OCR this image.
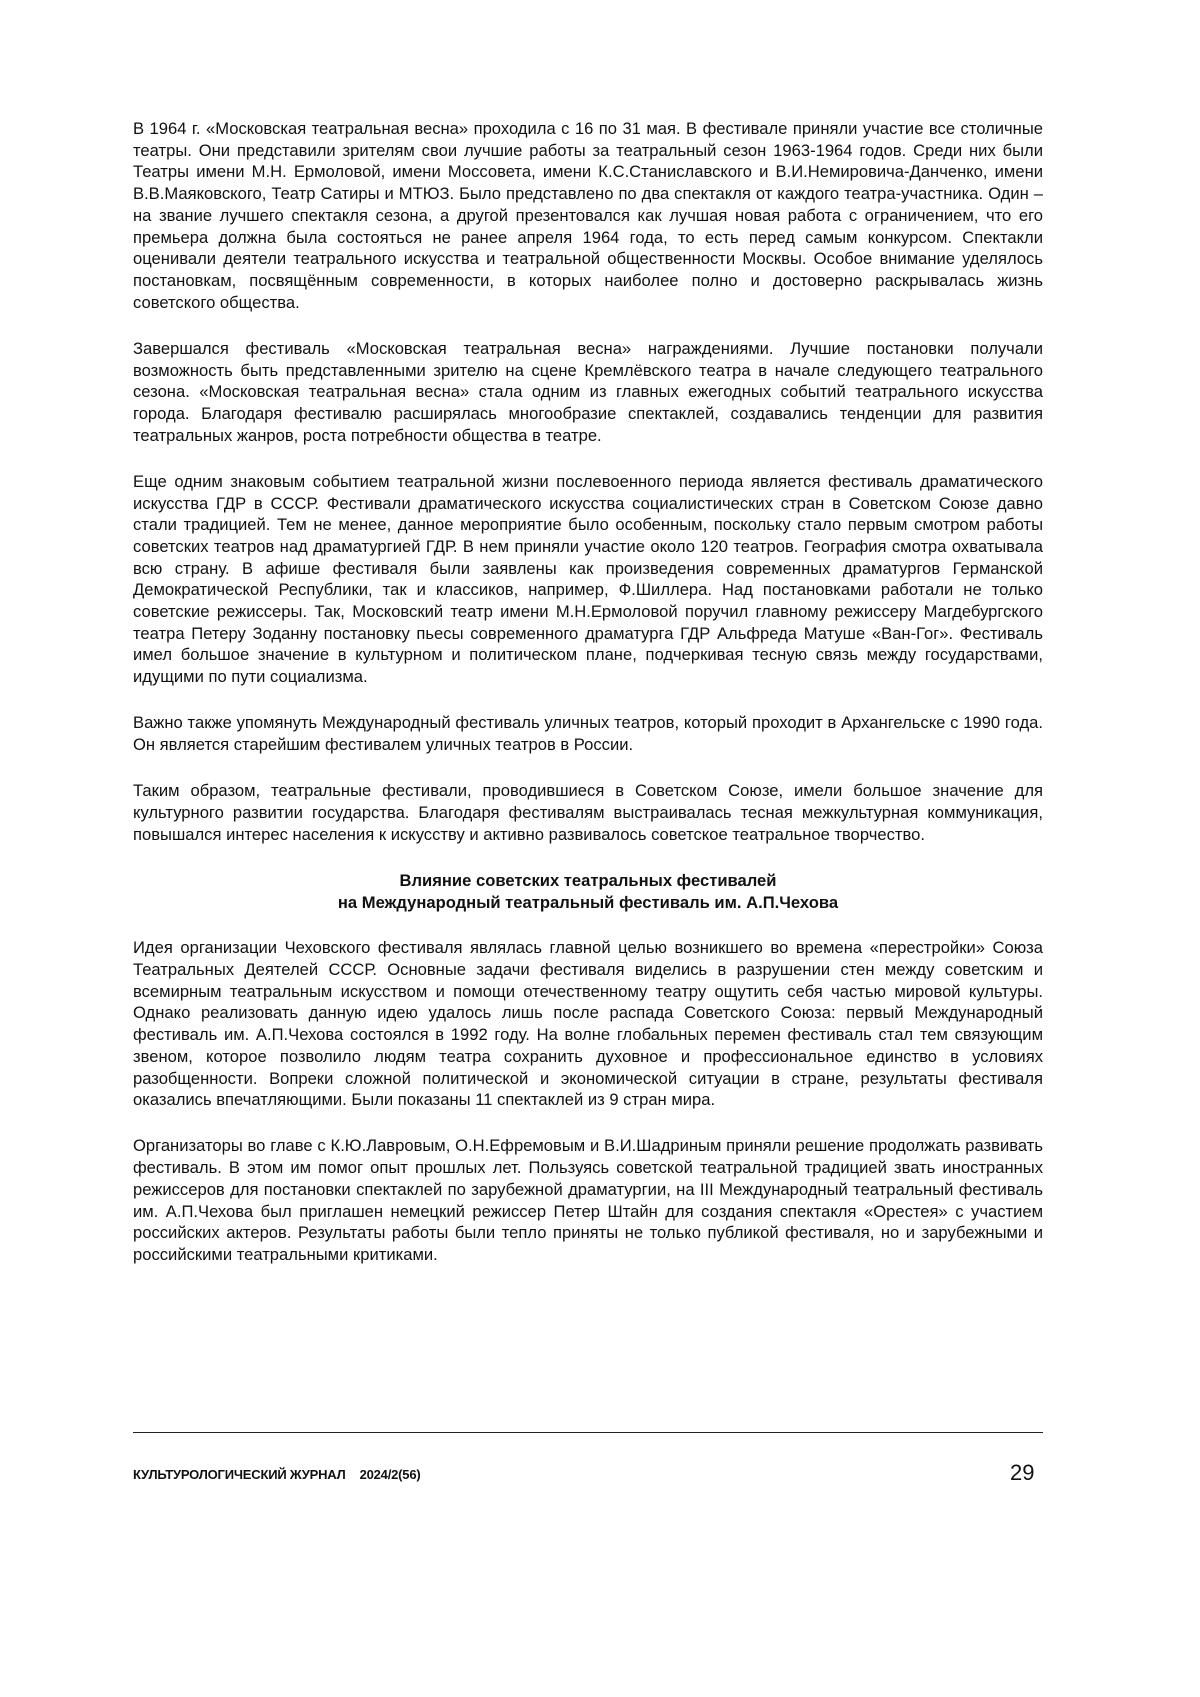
В 1964 г. «Московская театральная весна» проходила с 16 по 31 мая. В фестивале приняли участие все столичные театры. Они представили зрителям свои лучшие работы за театральный сезон 1963-1964 годов. Среди них были Театры имени М.Н. Ермоловой, имени Моссовета, имени К.С.Станиславского и В.И.Немировича-Данченко, имени В.В.Маяковского, Театр Сатиры и МТЮЗ. Было представлено по два спектакля от каждого театра-участника. Один – на звание лучшего спектакля сезона, а другой презентовался как лучшая новая работа с ограничением, что его премьера должна была состояться не ранее апреля 1964 года, то есть перед самым конкурсом. Спектакли оценивали деятели театрального искусства и театральной общественности Москвы. Особое внимание уделялось постановкам, посвящённым современности, в которых наиболее полно и достоверно раскрывалась жизнь советского общества.

Завершался фестиваль «Московская театральная весна» награждениями. Лучшие постановки получали возможность быть представленными зрителю на сцене Кремлёвского театра в начале следующего театрального сезона. «Московская театральная весна» стала одним из главных ежегодных событий театрального искусства города. Благодаря фестивалю расширялась многообразие спектаклей, создавались тенденции для развития театральных жанров, роста потребности общества в театре.

Еще одним знаковым событием театральной жизни послевоенного периода является фестиваль драматического искусства ГДР в СССР. Фестивали драматического искусства социалистических стран в Советском Союзе давно стали традицией. Тем не менее, данное мероприятие было особенным, поскольку стало первым смотром работы советских театров над драматургией ГДР. В нем приняли участие около 120 театров. География смотра охватывала всю страну. В афише фестиваля были заявлены как произведения современных драматургов Германской Демократической Республики, так и классиков, например, Ф.Шиллера. Над постановками работали не только советские режиссеры. Так, Московский театр имени М.Н.Ермоловой поручил главному режиссеру Магдебургского театра Петеру Зоданну постановку пьесы современного драматурга ГДР Альфреда Матуше «Ван-Гог». Фестиваль имел большое значение в культурном и политическом плане, подчеркивая тесную связь между государствами, идущими по пути социализма.

Важно также упомянуть Международный фестиваль уличных театров, который проходит в Архангельске с 1990 года. Он является старейшим фестивалем уличных театров в России.

Таким образом, театральные фестивали, проводившиеся в Советском Союзе, имели большое значение для культурного развитии государства. Благодаря фестивалям выстраивалась тесная межкультурная коммуникация, повышался интерес населения к искусству и активно развивалось советское театральное творчество.

Влияние советских театральных фестивалей
на Международный театральный фестиваль им. А.П.Чехова

Идея организации Чеховского фестиваля являлась главной целью возникшего во времена «перестройки» Союза Театральных Деятелей СССР. Основные задачи фестиваля виделись в разрушении стен между советским и всемирным театральным искусством и помощи отечественному театру ощутить себя частью мировой культуры. Однако реализовать данную идею удалось лишь после распада Советского Союза: первый Международный фестиваль им. А.П.Чехова состоялся в 1992 году. На волне глобальных перемен фестиваль стал тем связующим звеном, которое позволило людям театра сохранить духовное и профессиональное единство в условиях разобщенности. Вопреки сложной политической и экономической ситуации в стране, результаты фестиваля оказались впечатляющими. Были показаны 11 спектаклей из 9 стран мира.

Организаторы во главе с К.Ю.Лавровым, О.Н.Ефремовым и В.И.Шадриным приняли решение продолжать развивать фестиваль. В этом им помог опыт прошлых лет. Пользуясь советской театральной традицией звать иностранных режиссеров для постановки спектаклей по зарубежной драматургии, на III Международный театральный фестиваль им. А.П.Чехова был приглашен немецкий режиссер Петер Штайн для создания спектакля «Орестея» с участием российских актеров. Результаты работы были тепло приняты не только публикой фестиваля, но и зарубежными и российскими театральными критиками.

КУЛЬТУРОЛОГИЧЕСКИЙ ЖУРНАЛ 2024/2(56)	29
